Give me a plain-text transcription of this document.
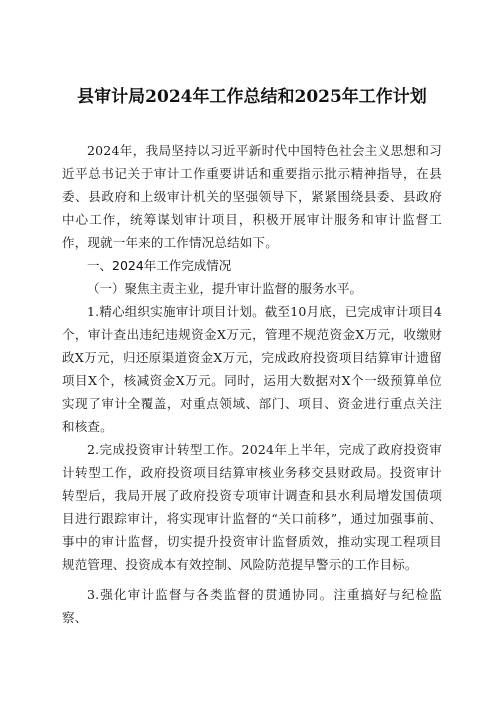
县审计局2024年工作总结和2025年工作计划

2024年，我局坚持以习近平新时代中国特色社会主义思想和习近平总书记关于审计工作重要讲话和重要指示批示精神指导，在县委、县政府和上级审计机关的坚强领导下，紧紧围绕县委、县政府中心工作，统筹谋划审计项目，积极开展审计服务和审计监督工作，现就一年来的工作情况总结如下。

一、2024年工作完成情况

（一）聚焦主责主业，提升审计监督的服务水平。

1.精心组织实施审计项目计划。截至10月底，已完成审计项目4个，审计查出违纪违规资金X万元，管理不规范资金X万元，收缴财政X万元，归还原渠道资金X万元，完成政府投资项目结算审计遗留项目X个，核减资金X万元。同时，运用大数据对X个一级预算单位实现了审计全覆盖，对重点领域、部门、项目、资金进行重点关注和核查。

2.完成投资审计转型工作。2024年上半年，完成了政府投资审计转型工作，政府投资项目结算审核业务移交县财政局。投资审计转型后，我局开展了政府投资专项审计调查和县水利局增发国债项目进行跟踪审计，将实现审计监督的“关口前移”，通过加强事前、事中的审计监督，切实提升投资审计监督质效，推动实现工程项目规范管理、投资成本有效控制、风险防范提早警示的工作目标。

3.强化审计监督与各类监督的贯通协同。注重搞好与纪检监察、
